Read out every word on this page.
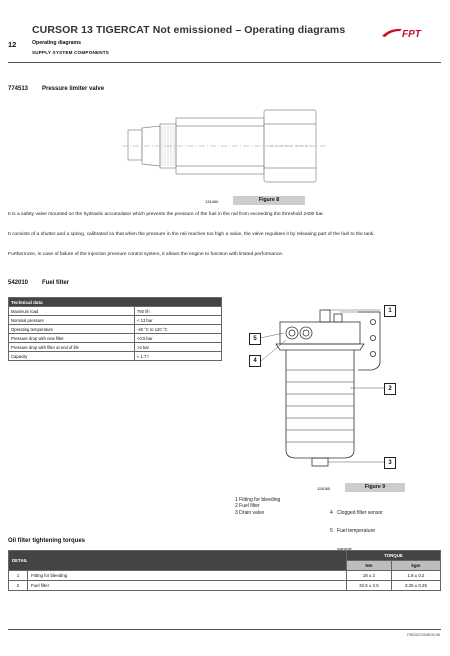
CURSOR 13 TIGERCAT Not emissioned – Operating diagrams
12	Operating diagrams
SUPPLY SYSTEM COMPONENTS
FPT
774513 Pressure limiter valve
131460	Figure 8
It is a safety valve mounted on the hydraulic accumulator which prevents the pressure of the fuel in the rail from exceeding the threshold 2400 bar.
It consists of a shutter and a spring, calibrated so that when the pressure in the rail reaches too high a value, the valve regulates it by releasing part of the fuel to the tank.
Furthermore, in case of failure of the injection pressure control system, it allows the engine to function with limited performance.
542010 Fuel filter
Technical data	
Maximum load	750 l/h
Nominal pressure	< 13 bar
Operating temperature	-40 °C to 120 °C
Pressure drop with new filter	<0.5 bar
Pressure drop with filter at end of life	>2 bar
Capacity	≈ 1.7 l
1
2
3
4
5
115085	Figure 9
1 Fitting for bleeding
2 Fuel filter
3 Drain valve

	4   Clogged filter sensor

5   Fuel temperature

Oil filter tightening torques
DETAIL		TORQUE	
		Nm	kgm
1	Fitting for bleeding	18 ± 2	1.8 ± 0.2
2	Fuel filter	32.5 ± 2.5	3.25 ± 0.25
P5D32C004E00 06
